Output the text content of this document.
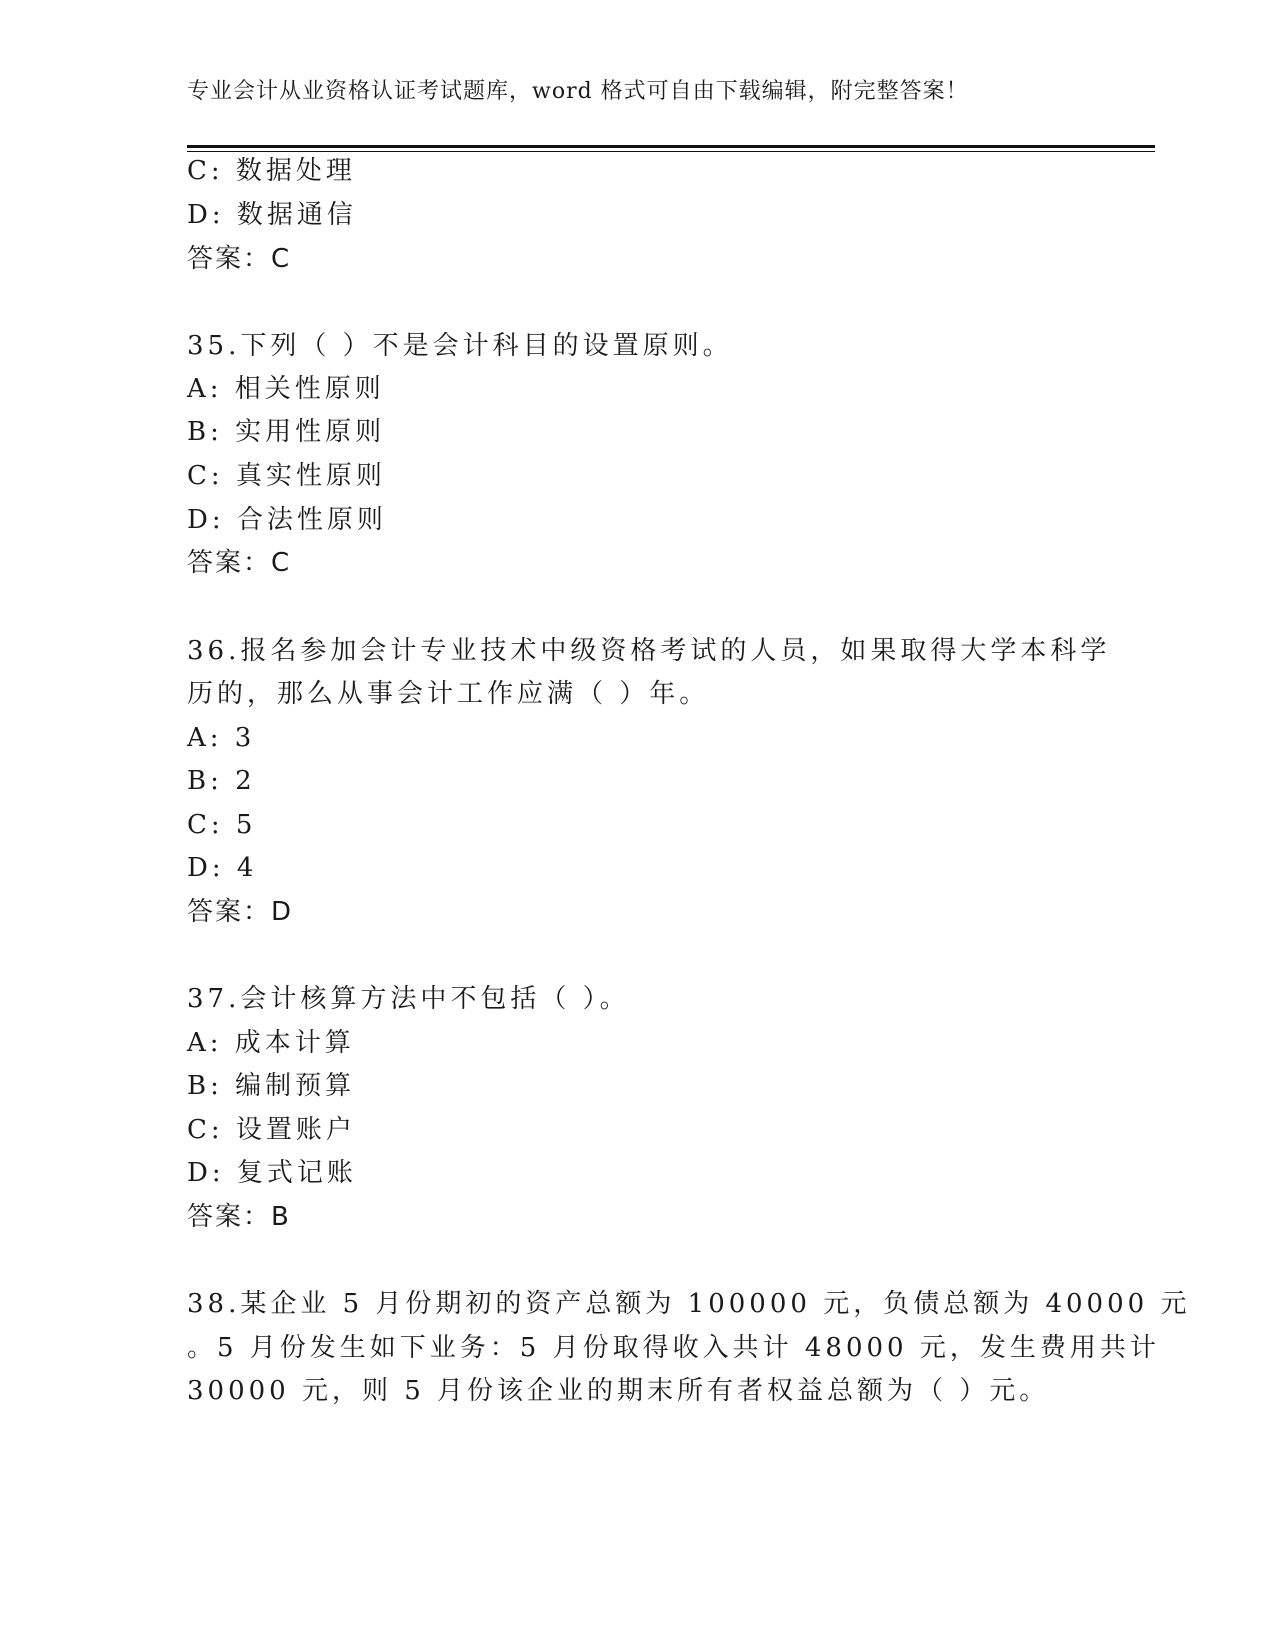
专业会计从业资格认证考试题库，word 格式可自由下载编辑，附完整答案！
C: 数据处理
D: 数据通信
答案：C
35.下列（ ）不是会计科目的设置原则。
A: 相关性原则
B: 实用性原则
C: 真实性原则
D: 合法性原则
答案：C
36.报名参加会计专业技术中级资格考试的人员，如果取得大学本科学
历的，那么从事会计工作应满（ ）年。
A: 3
B: 2
C: 5
D: 4
答案：D
37.会计核算方法中不包括（ ）。
A: 成本计算
B: 编制预算
C: 设置账户
D: 复式记账
答案：B
38.某企业 5 月份期初的资产总额为 100000 元，负债总额为 40000 元
。5 月份发生如下业务：5 月份取得收入共计 48000 元，发生费用共计
30000 元，则 5 月份该企业的期末所有者权益总额为（ ）元。
